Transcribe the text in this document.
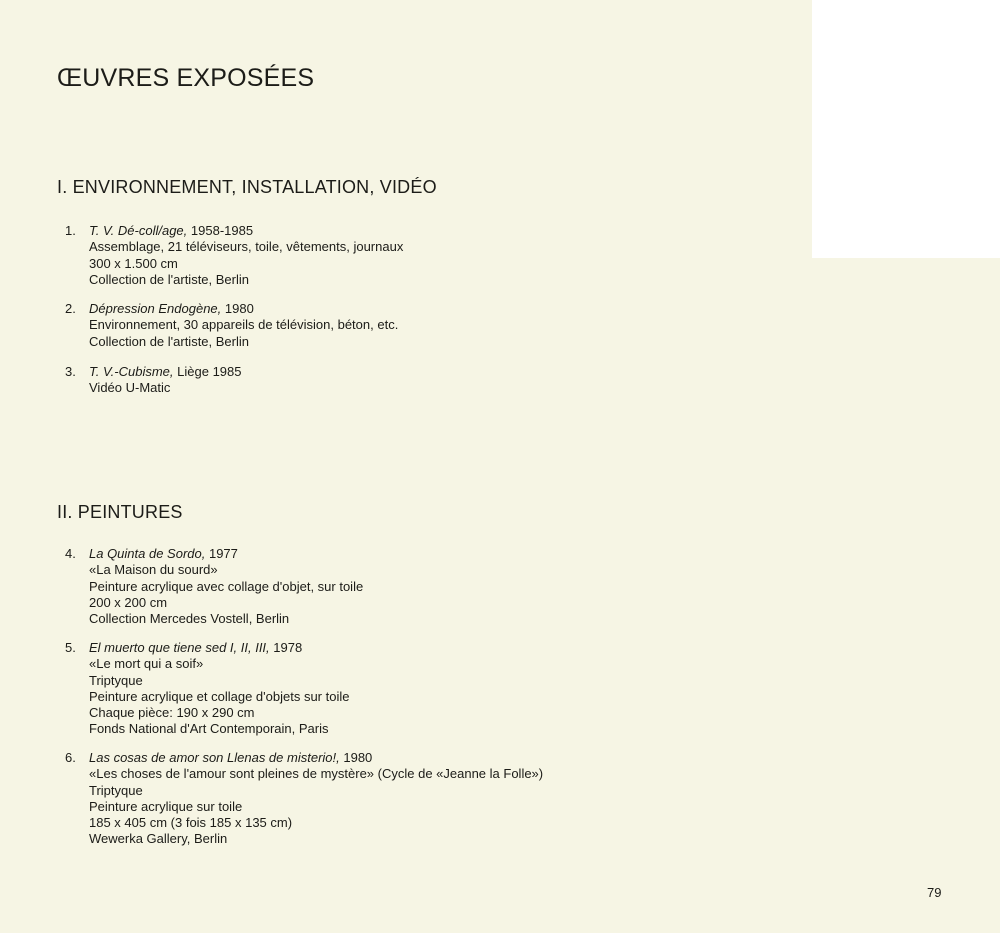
ŒUVRES EXPOSÉES
I. ENVIRONNEMENT, INSTALLATION, VIDÉO
1.	T. V. Dé-coll/age, 1958-1985
Assemblage, 21 téléviseurs, toile, vêtements, journaux
300 x 1.500 cm
Collection de l'artiste, Berlin
2.	Dépression Endogène, 1980
Environnement, 30 appareils de télévision, béton, etc.
Collection de l'artiste, Berlin
3.	T. V.-Cubisme, Liège 1985
Vidéo U-Matic
II. PEINTURES
4.	La Quinta de Sordo, 1977
«La Maison du sourd»
Peinture acrylique avec collage d'objet, sur toile
200 x 200 cm
Collection Mercedes Vostell, Berlin
5.	El muerto que tiene sed I, II, III, 1978
«Le mort qui a soif»
Triptyque
Peinture acrylique et collage d'objets sur toile
Chaque pièce: 190 x 290 cm
Fonds National d'Art Contemporain, Paris
6.	Las cosas de amor son Llenas de misterio!, 1980
«Les choses de l'amour sont pleines de mystère» (Cycle de «Jeanne la Folle»)
Triptyque
Peinture acrylique sur toile
185 x 405 cm (3 fois 185 x 135 cm)
Wewerka Gallery, Berlin
79
